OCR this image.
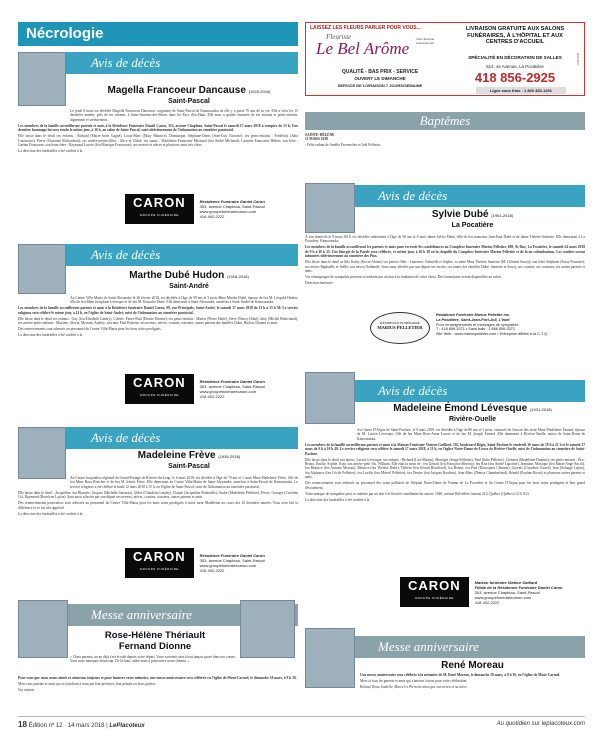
Nécrologie	LAISSEZ LES FLEURS PARLER POUR VOUS...
Fleuriste
Le Bel Arôme Votre fleuriste professionnel
QUALITÉ - BAS PRIX - SERVICE
OUVERT LE DIMANCHE
SERVICE DE LIVRAISON 7 JOURS/SEMAINE
LIVRAISON GRATUITE AUX SALONS FUNÉRAIRES, À L'HÔPITAL ET AUX CENTRES D'ACCUEIL
SPÉCIALITÉ EN DÉCORATION DE SALLES
614, 4e Avenue, La Pocatière
418 856-2925
Ligne sans frais : 1 800 463-1291
RAF8417
Avis de décès
Magella Francoeur Dancause (1925-2018)
Saint-Pascal

Le jeudi 8 mars est décédée Magella Francoeur Dancause, originaire de Saint-Pascal de Kamouraska où elle y a passé 76 ans de sa vie. Elle a vécu les 15 dernières années, près de ses enfants, à Saint-Sauveur-des-Monts dans les Pays d'en Haut. Elle nous a quittés entourée de ses enfants et petits-enfants, dignement et sereinement.

Les membres de la famille accueilleront parents et amis à la Résidence Funéraire Daniel Caron, 353, avenue Chapleau, Saint-Pascal le samedi 17 mars 2018 à compter de 13 h. Une dernière hommage lui sera rendu le même jour, à 16 h, au salon de Saint-Pascal, suivi ultérieurement de l'inhumation au cimetière paroissial.

Elle laisse dans le deuil ses enfants : Richard (Marie-Josée Gagné), Louis-Marc (Mary Maurice), Dominique, Stéphane-Denis (Jean-Guy Turcotte); ses petits-enfants : Frédérick (Julia Lazzarotto), Pierre (Christine Richardson); ses arrière-petites-filles : Alice et Chloé; ses sœurs : Madeleine Francoeur Michaud (feu André Michaud), Laurette Francoeur Hébert; son frère : Gaétan Francoeur; son beau-frère : Raymond Lavoie (feu Monique Francoeur); ses neveux et nièces et plusieurs amis très chers.

La direction des funérailles a été confiée à la

CARON
GROUPE FUNÉRAIRE
Résidence Funéraire Daniel Caron
353, avenue Chapleau, Saint-Pascal
www.groupefunerairecaron.com
418 492-2222
Avis de décès
Marthe Dubé Hudon (1918-2018)
Saint-André

Au Centre Villa-Maria de Saint-Alexandre le 26 février 2018, est décédée à l'âge de 99 ans et 5 mois Mme Marthe Dubé, épouse de feu M. Léopold Hudon; fille de feu Mme Joséphine Lévesque et de feu M. Eustache Dubé. Elle demeurait à Saint-Alexandre, autrefois à Saint-André de Kamouraska.

Les membres de la famille accueilleront parents et amis à la Résidence funéraire Daniel Caron, 99, rue Principale, Saint-André, le samedi 17 mars 2018 de 13 h à 13 h 50. Le service religieux sera célébré le même jour, à 14 h, en l'église de Saint-André, suivi de l'inhumation au cimetière paroissial.

Elle laisse dans le deuil ses enfants : Guy (feu Élisabeth Landry), Colette, Pierre-Paul (Denise Dionne); ses petits-enfants : Marise (Pierre Dubé), Steve (Nancy Dubé), Julie (Michel Robichaud); ses arrière-petits-enfants : Maxime, Alexia, Myriam, Audrey; son ami, Paul Brisette; ses neveux, nièces, cousins, cousines, autres parents des familles Dubé, Hudon, Durand et amis.

Des remerciements sont adressés au personnel du Centre Villa-Maria pour les bons soins prodigués.

La direction des funérailles a été confiée à la

CARON
GROUPE FUNÉRAIRE
Résidence Funéraire Daniel Caron
353, avenue Chapleau, Saint-Pascal
www.groupefunerairecaron.com
418 492-2222
Avis de décès
Madeleine Frève (1939-2018)
Saint-Pascal

Au Centre hospitalier régional du Grand-Portage de Rivière-du-Loup, le 6 mars 2018, est décédée à l'âge de 79 ans et 1 mois Mme Madeleine Frève, fille de feu Mme Rosa Boucher et de feu M. Irénée Frève. Elle demeurait au Centre Villa-Maria de Saint-Alexandre, autrefois à Saint-Pascal de Kamouraska. Le service religieux a été célébré le lundi 12 mars 2018 à 15 h, en l'église de Saint-Pascal, suivi de l'inhumation au cimetière paroissial.

Elle laisse dans le deuil : Jacqueline, feu Blanche, Jacques (Michelle Sarrasin), Gilles (Claudette Landry), Claude (Jacqueline Robitaille), André (Madeleine Pelletier), Pierre, Georges (Caroline Gr), Raymond (Roselyne Lajoie). Sont aussi affectés par son départ ses neveux, nièces, cousins, cousines, autres parents et amis.

Des remerciements particuliers sont adressés au personnel du Centre Villa-Maria pour les bons soins prodigués à notre sœur Madeleine au cours des 10 dernières années. Vous avez fait la différence et ce fut très apprécié.

La direction des funérailles a été confiée à la

CARON
GROUPE FUNÉRAIRE
Résidence Funéraire Daniel Caron
353, avenue Chapleau, Saint-Pascal
www.groupefunerairecaron.com
418 492-2222
Messe anniversaire
Rose-Hélène Thériault
Fernand Dionne
« Chers parents, un an déjà s'est écoulé depuis votre départ. Votre souvenir sera à tout jamais gravé dans nos cœurs. Vous nous manquez beaucoup. De là-haut, aidez-nous à poursuivre notre chemin. »

Pour vous que nous avons aimés et aimerons toujours et pour honorer votre mémoire, une messe anniversaire sera célébrée en l'église de Mont-Carmel, le dimanche 18 mars, à 9 h 30.

Merci aux parents et amis qui se joindront à nous par leur présence, leur pensée ou leurs prières.

Vos enfants

Baptêmes

SAINTE-HÉLÈNE
11 MARS 2018

- Félix enfant de Amélie Provencher et Joël Pelletier.

Avis de décès
Sylvie Dubé (1961-2018)
La Pocatière

À son domicile le 9 mars 2018, est décédée subitement à l'âge de 56 ans et 8 mois dame Sylvie Dubé, fille de feu monsieur Jean-Paul Dubé et de dame Thérèse Santerre. Elle demeurait à La Pocatière, Kamouraska.

Les membres de la famille accueilleront les parents et amis pour recevoir les condoléances au Complexe funéraire Marius Pelletier, 609, 9e Rue, La Pocatière, le samedi 24 mars 2018 de 9 h à 10 h 25. Une liturgie de la Parole sera célébrée, ce même jour, à 10 h 30 en la chapelle du Complexe funéraire Marius Pelletier et de là au columbarium. Les cendres seront inhumées ultérieurement au cimetière des Pins.

Elle laisse dans le deuil sa fille Kathy (Kevin Ahinn); ses petites-filles : Laurence, Gabrielle et Sophie, sa mère Mme Thérèse Santerre (M. Clément Soucy); son frère Stéphane (Katty Fournier); ses nièces Raphaëlle et Joëlle; son neveu Nathaniël. Sont aussi affectés par son départ ses oncles, ses tantes des familles Dubé, Santerre et Soucy, ses cousins, ses cousines, ses autres parents et amis.

Vos témoignages de sympathie peuvent se traduire par un don à la fondation de votre choix. Des formulaires seront disponibles au salon.

Direction funéraire :

RÉSIDENCE FUNÉRAIRE
MARIUS PELLETIER
Résidence Funéraire Marius Pelletier inc.
La Pocatière, Saint-Jean-Port-Joli, L'Islet
Pour renseignements et messages de sympathie :
T : 418 856-3371 • Sans frais : 1 866 856-3371
Site Web : www.mariuspelletier.com • Entreprise affiliée à la C.T.Q.
Avis de décès
Madeleine Émond Lévesque (1931-2018)
Rivière-Ouelle

Au Centre D'Anjou de Saint-Pacôme, le 9 mars 2018, est décédée à l'âge de 86 ans et 5 mois, entourée de l'amour des siens Mme Madeleine Émond, épouse de M. Lucien Lévesque, fille de feu Mme Rose-Anna Lavoie et de feu M. Joseph Émond. Elle demeurait à Rivière-Ouelle, native de Saint-Denis de Kamouraska.

Les membres de la famille accueilleront parents et amis à la Maison Funéraire Viateur Gaillard, 192, boulevard Bégin, Saint-Pacôme le vendredi 16 mars de 19 h à 21 h et le samedi 17 mars de 9 h à 10 h 40. Le service religieux sera célébré le samedi 17 mars 2018, à 11 h, en l'église Notre-Dame-de-Liesse de Rivière-Ouelle, suivi de l'inhumation au cimetière de Saint-Pacôme.

Elle laisse dans le deuil son époux, Lucien Lévesque; ses enfants : Richard (Lise Martin), Monique (Serge Pelletier), Paul (Julie Pelletier), Clément (Madeleine Dumais); ses petits-enfants : Éric, Bruno, Émilie, Sophie, Kim; son arrière-petit-fils, William. Elle était la sœur de : feu Gérard (feu Françoise Moreau), feu Rita (feu André Lapointe), Jeannine, Monique (feu Marie-Ange Anctil), feu Béatrice (feu Antoine Moreau), Maurice (feu Thérèse Dubé), Thérèse (feu Gérard Bouchard), feu Robert, feu Paul (Dorocques Clément), Gervais (Claudette Girard), Jean (Solange Lajoie), feu Alphonse (feu Cécile Pelletier), feu Lucille (feu Marcel Pelletier); feu Denise (feu Jacques Rouleau), Jean-Marc (Denise Chamberland), Rénald (Pauline Bossé) et plusieurs autres parents et amis.

Des remerciements sont adressés au personnel des soins palliatifs de l'hôpital Notre-Dame de Fatima de La Pocatière et du Centre D'Anjou pour les bons soins prodigués et leur grand dévouement.

Toute marque de sympathie peut se traduire par un don à la Société canadienne du cancer, 1040, avenue Belvédère, bureau 214, Québec (Québec) G1S 3G3.

La direction des funérailles a été confiée à la

CARON
GROUPE FUNÉRAIRE
Maison funéraire Viateur Gaillard
Filiale de la Résidence Funéraire Daniel Caron
353, avenue Chapleau, Saint-Pascal
www.groupefunerairecaron.com
418 492-2222
Messe anniversaire
René Moreau

Une messe anniversaire sera célébrée à la mémoire de M. René Moreau, le dimanche 18 mars, à 9 h 30, en l'église de Mont-Carmel.

Merci à tous les parents et amis qui s'uniront à nous pour cette célébration.

Roland, Rosa, Isabelle, Marcel et Pierrette ainsi que son neveu et sa nièce.

18 Édition nº 12 · 14 mars 2018 | LePlacoteux	Au quotidien sur leplacoteux.com
